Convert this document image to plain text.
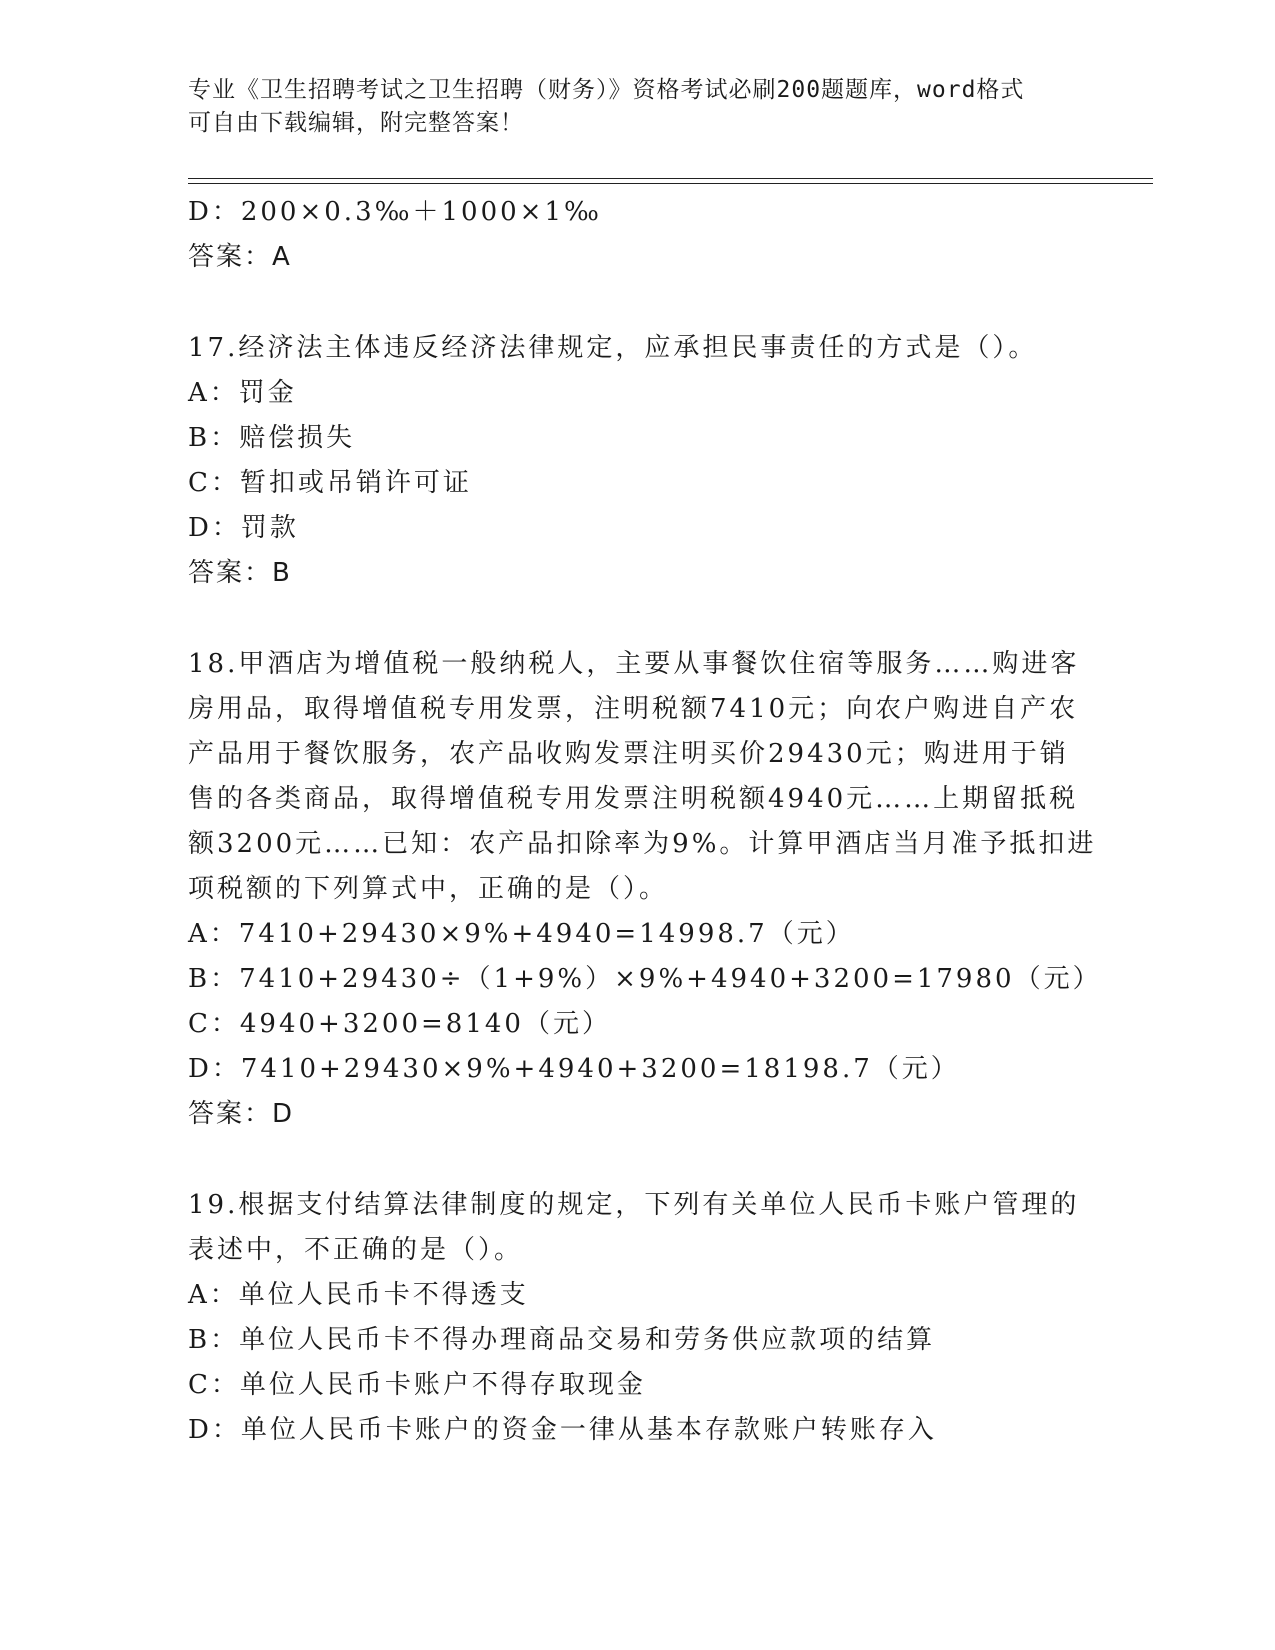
专业《卫生招聘考试之卫生招聘（财务）》资格考试必刷200题题库，word格式
可自由下载编辑，附完整答案！
D：200×0.3‰＋1000×1‰
答案：A
17.经济法主体违反经济法律规定，应承担民事责任的方式是（）。
A：罚金
B：赔偿损失
C：暂扣或吊销许可证
D：罚款
答案：B
18.甲酒店为增值税一般纳税人，主要从事餐饮住宿等服务……购进客
房用品，取得增值税专用发票，注明税额7410元；向农户购进自产农
产品用于餐饮服务，农产品收购发票注明买价29430元；购进用于销
售的各类商品，取得增值税专用发票注明税额4940元……上期留抵税
额3200元……已知：农产品扣除率为9%。计算甲酒店当月准予抵扣进
项税额的下列算式中，正确的是（）。
A：7410+29430×9%+4940=14998.7（元）
B：7410+29430÷（1+9%）×9%+4940+3200=17980（元）
C：4940+3200=8140（元）
D：7410+29430×9%+4940+3200=18198.7（元）
答案：D
19.根据支付结算法律制度的规定，下列有关单位人民币卡账户管理的
表述中，不正确的是（）。
A：单位人民币卡不得透支
B：单位人民币卡不得办理商品交易和劳务供应款项的结算
C：单位人民币卡账户不得存取现金
D：单位人民币卡账户的资金一律从基本存款账户转账存入
